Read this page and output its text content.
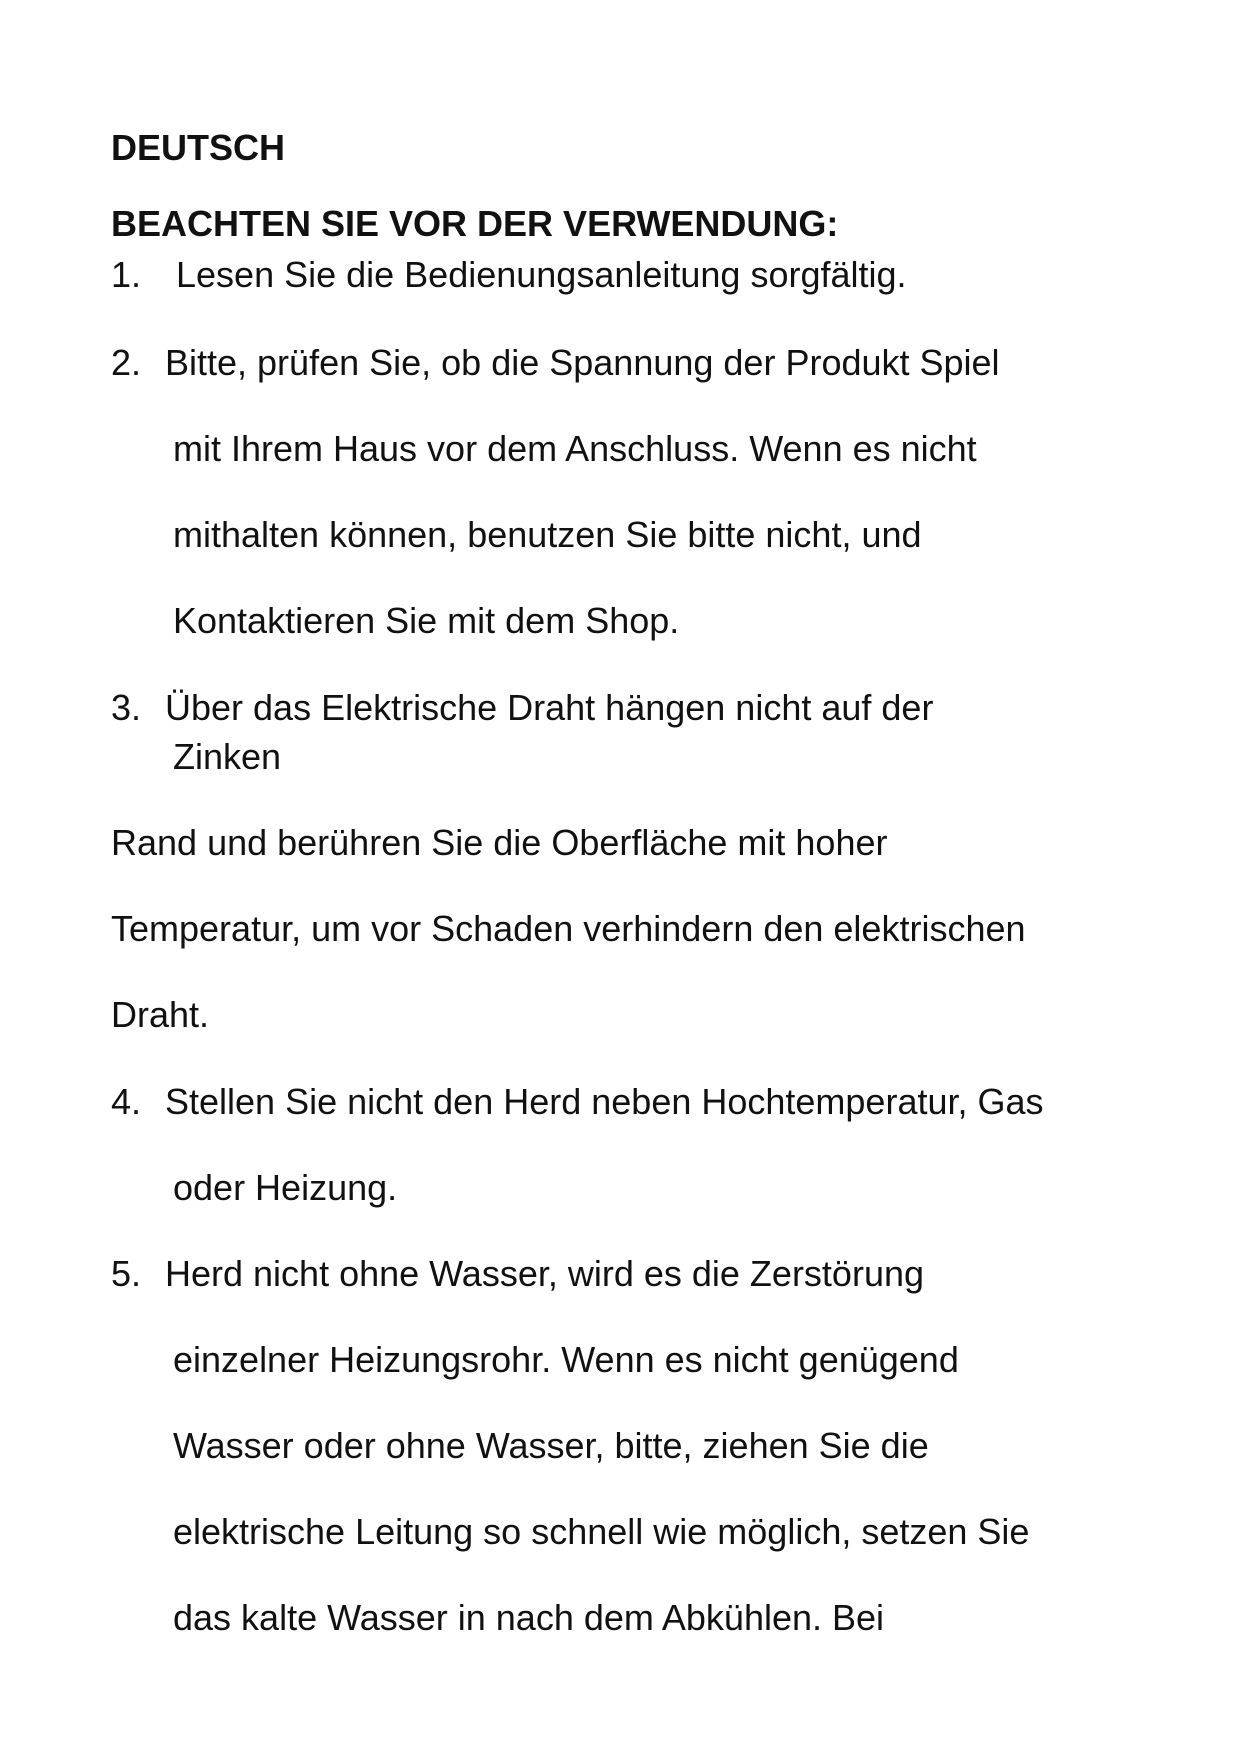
DEUTSCH
BEACHTEN SIE VOR DER VERWENDUNG:
1. Lesen Sie die Bedienungsanleitung sorgfältig.
2. Bitte, prüfen Sie, ob die Spannung der Produkt Spiel
mit Ihrem Haus vor dem Anschluss. Wenn es nicht
mithalten können, benutzen Sie bitte nicht, und
Kontaktieren Sie mit dem Shop.
3. Über das Elektrische Draht hängen nicht auf der
Zinken
Rand und berühren Sie die Oberfläche mit hoher
Temperatur, um vor Schaden verhindern den elektrischen
Draht.
4. Stellen Sie nicht den Herd neben Hochtemperatur, Gas
oder Heizung.
5. Herd nicht ohne Wasser, wird es die Zerstörung
einzelner Heizungsrohr. Wenn es nicht genügend
Wasser oder ohne Wasser, bitte, ziehen Sie die
elektrische Leitung so schnell wie möglich, setzen Sie
das kalte Wasser in nach dem Abkühlen. Bei
